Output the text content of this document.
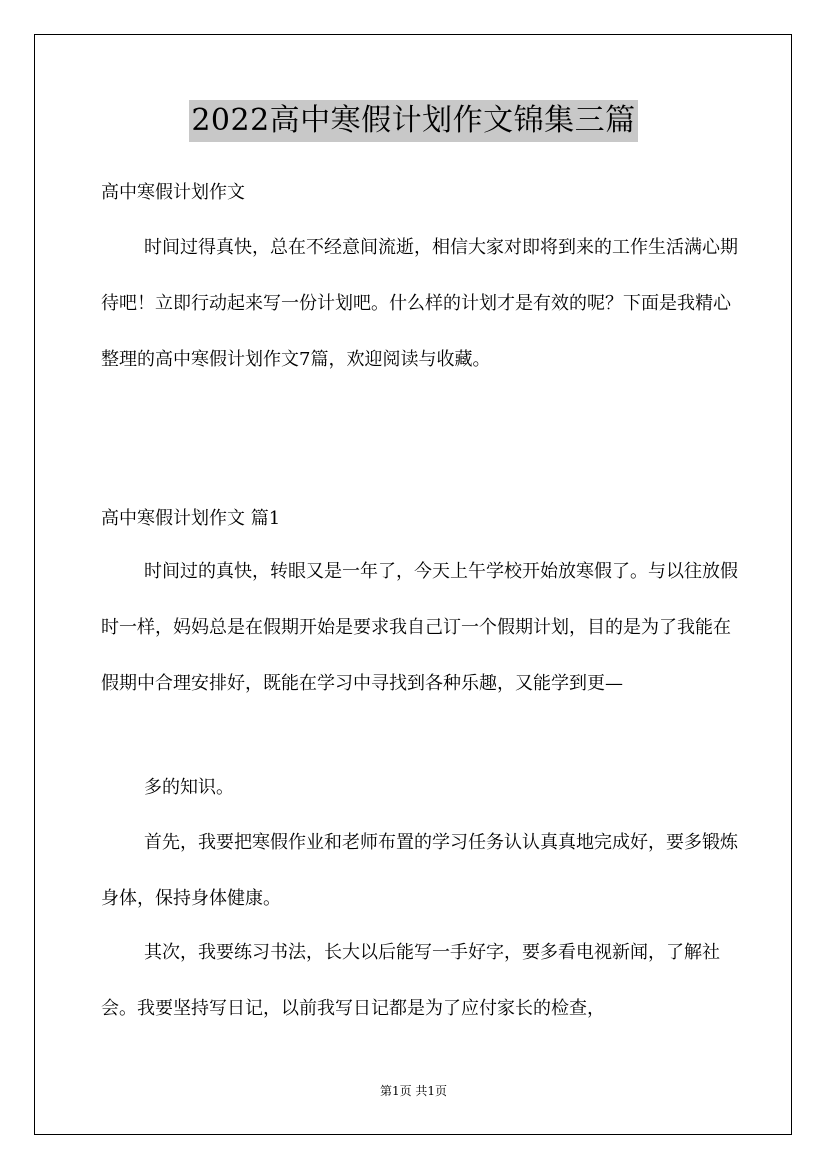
2022高中寒假计划作文锦集三篇
高中寒假计划作文
时间过得真快，总在不经意间流逝，相信大家对即将到来的工作生活满心期待吧！立即行动起来写一份计划吧。什么样的计划才是有效的呢？下面是我精心整理的高中寒假计划作文7篇，欢迎阅读与收藏。
高中寒假计划作文 篇1
时间过的真快，转眼又是一年了，今天上午学校开始放寒假了。与以往放假时一样，妈妈总是在假期开始是要求我自己订一个假期计划，目的是为了我能在假期中合理安排好，既能在学习中寻找到各种乐趣，又能学到更—
多的知识。
首先，我要把寒假作业和老师布置的学习任务认认真真地完成好，要多锻炼身体，保持身体健康。
其次，我要练习书法，长大以后能写一手好字，要多看电视新闻，了解社会。我要坚持写日记，以前我写日记都是为了应付家长的检查，
第1页 共1页
